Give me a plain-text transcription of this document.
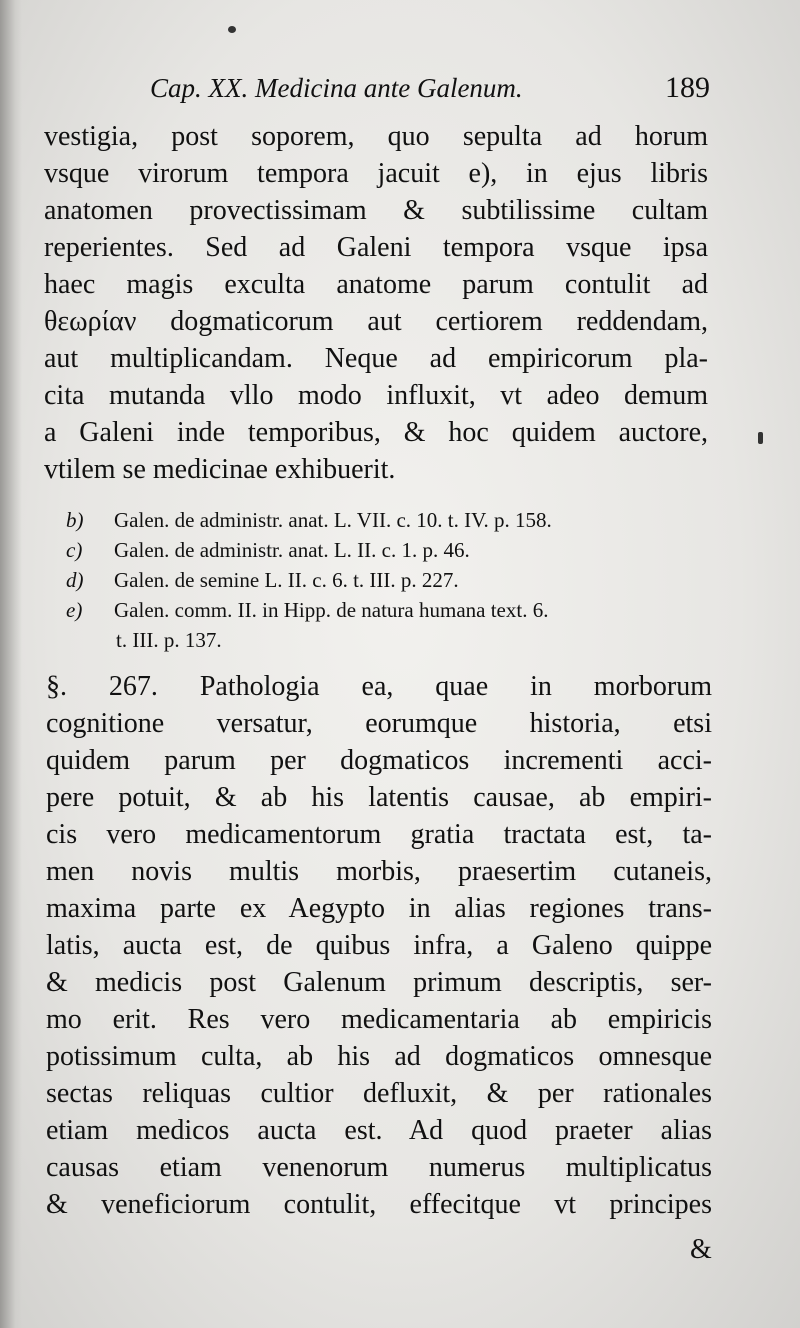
Cap. XX. Medicina ante Galenum.	189
vestigia, post soporem, quo sepulta ad horum
vsque virorum tempora jacuit e), in ejus libris
anatomen provectissimam & subtilissime cultam
reperientes. Sed ad Galeni tempora vsque ipsa
haec magis exculta anatome parum contulit ad
θεωρίαν dogmaticorum aut certiorem reddendam,
aut multiplicandam. Neque ad empiricorum pla-
cita mutanda vllo modo influxit, vt adeo demum
a Galeni inde temporibus, & hoc quidem auctore,
vtilem se medicinae exhibuerit.
b) Galen. de administr. anat. L. VII. c. 10. t. IV. p. 158.
c) Galen. de administr. anat. L. II. c. 1. p. 46.
d) Galen. de semine L. II. c. 6. t. III. p. 227.
e) Galen. comm. II. in Hipp. de natura humana text. 6.
t. III. p. 137.
§. 267. Pathologia ea, quae in morborum
cognitione versatur, eorumque historia, etsi
quidem parum per dogmaticos incrementi acci-
pere potuit, & ab his latentis causae, ab empiri-
cis vero medicamentorum gratia tractata est, ta-
men novis multis morbis, praesertim cutaneis,
maxima parte ex Aegypto in alias regiones trans-
latis, aucta est, de quibus infra, a Galeno quippe
& medicis post Galenum primum descriptis, ser-
mo erit. Res vero medicamentaria ab empiricis
potissimum culta, ab his ad dogmaticos omnesque
sectas reliquas cultior defluxit, & per rationales
etiam medicos aucta est. Ad quod praeter alias
causas etiam venenorum numerus multiplicatus
& veneficiorum contulit, effecitque vt principes
&
